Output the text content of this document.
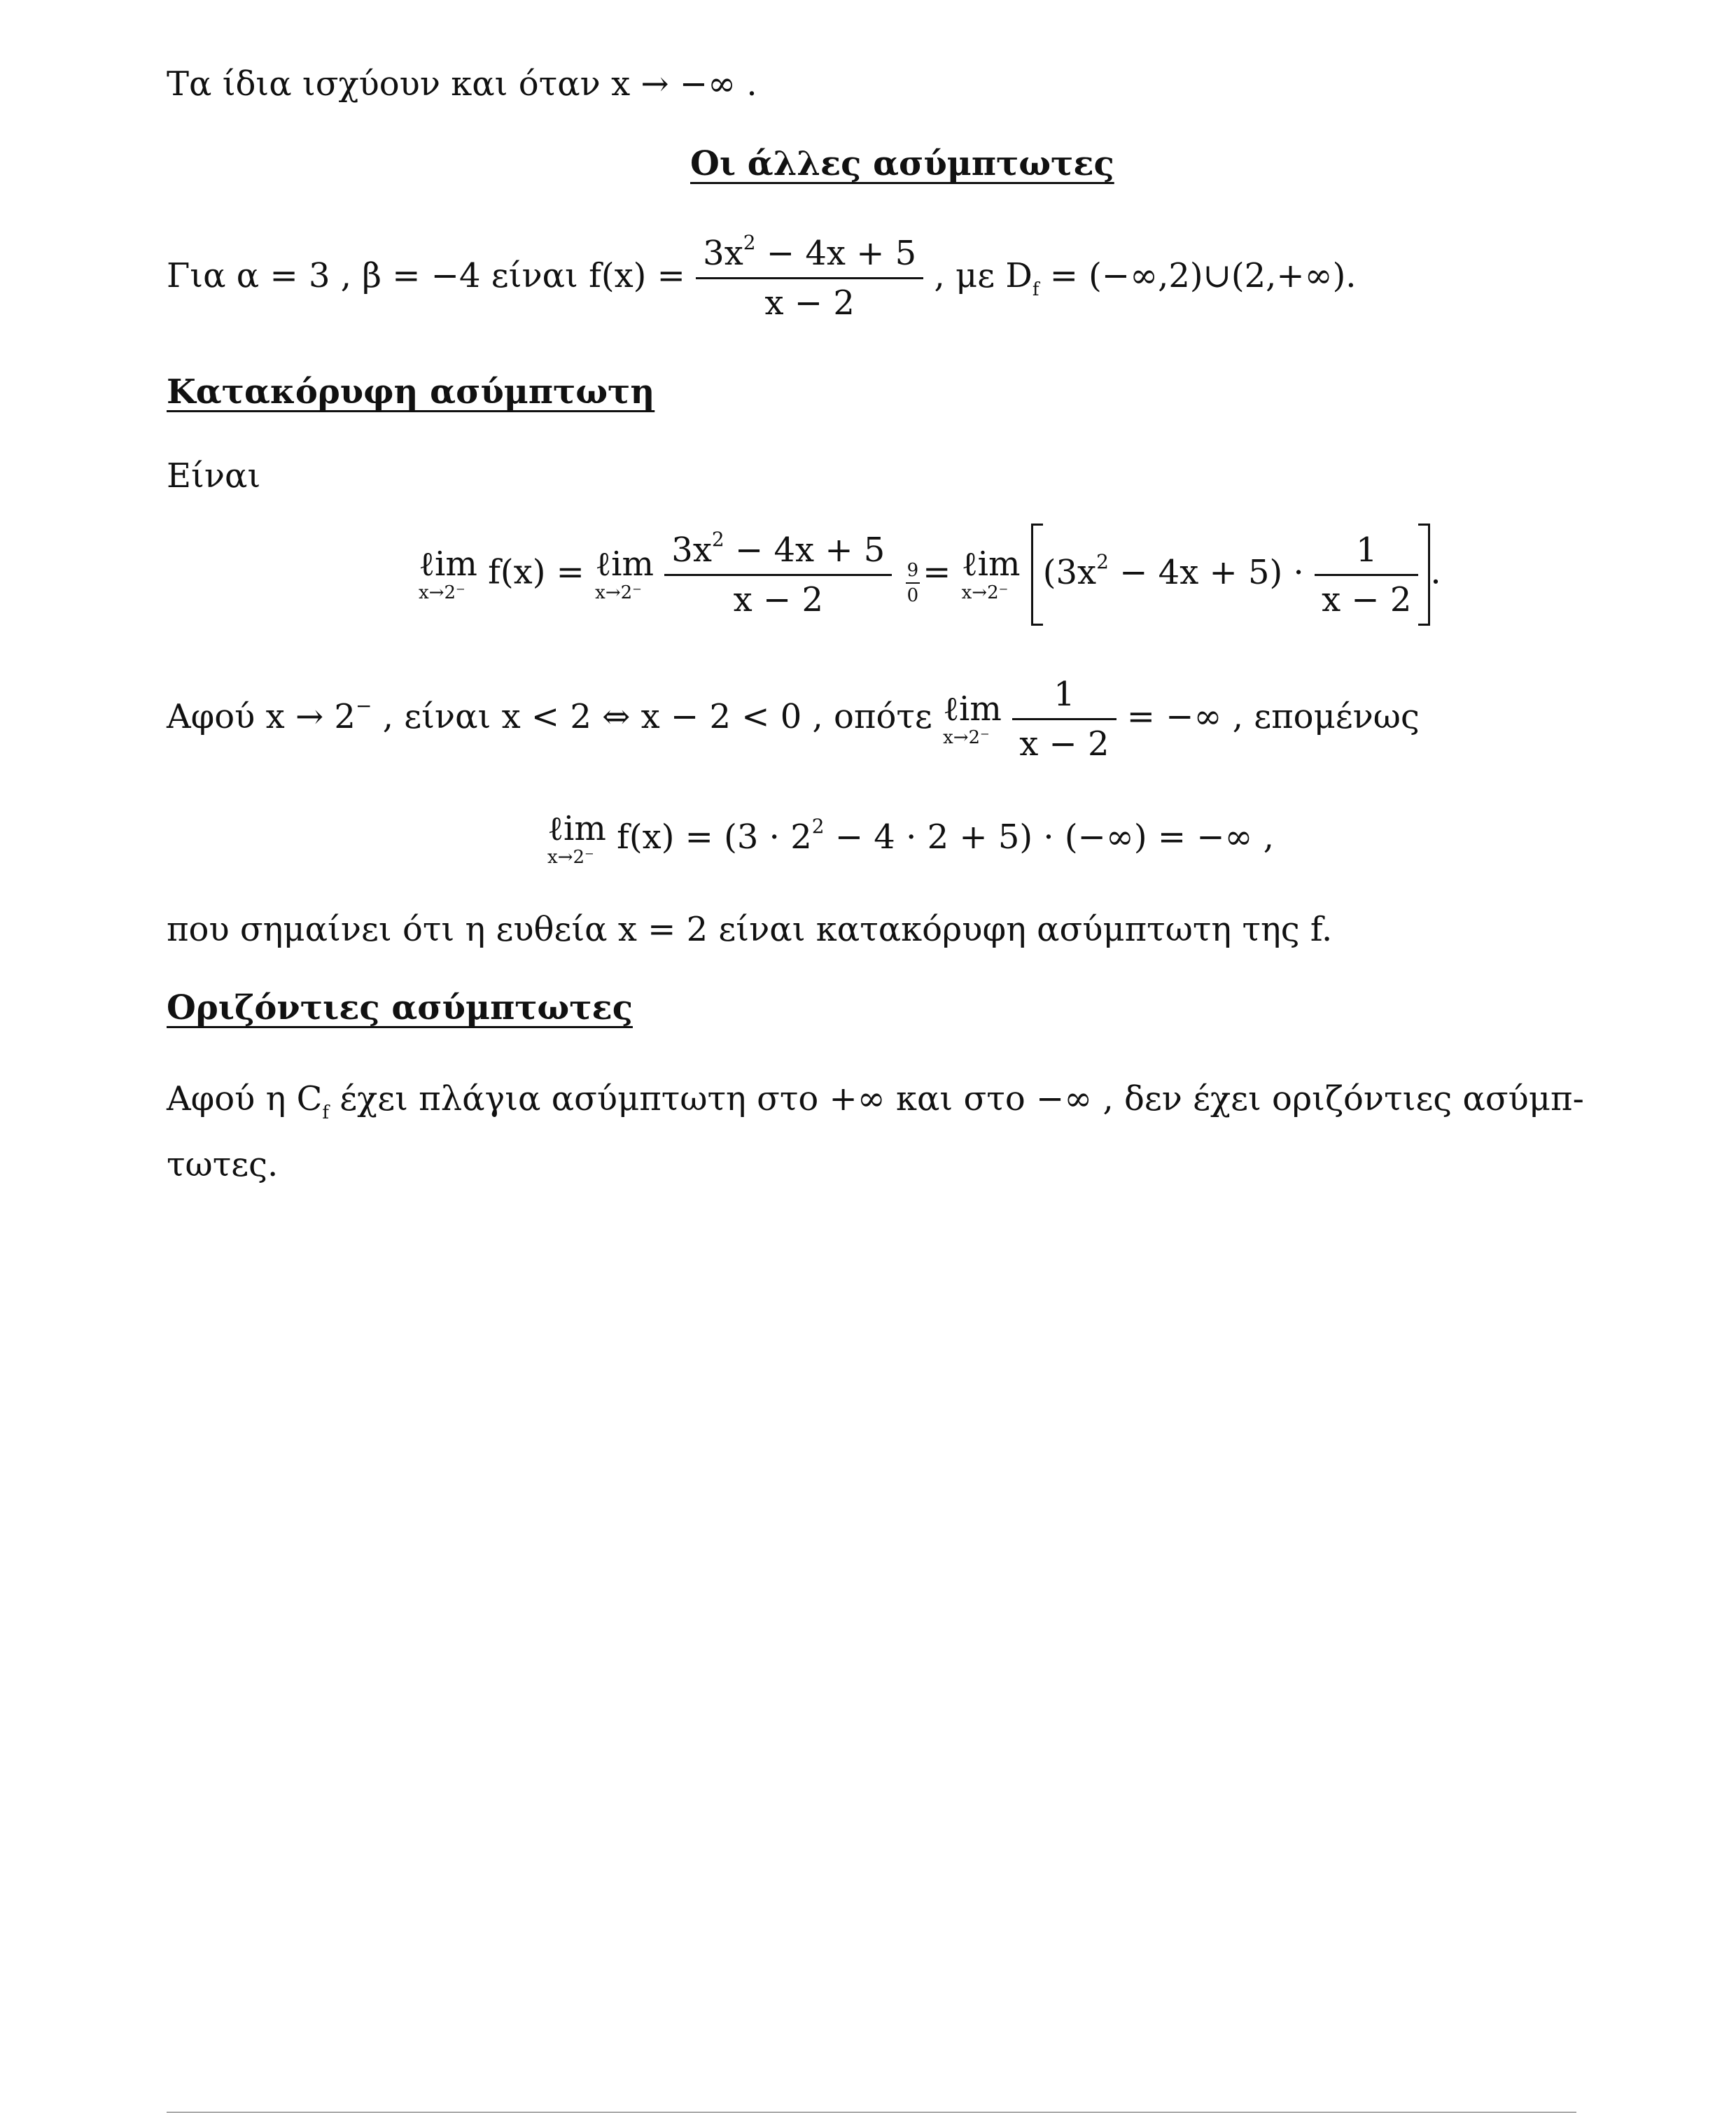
Τα ίδια ισχύουν και όταν x → −∞ .
Οι άλλες ασύμπτωτες
Για α = 3 , β = −4 είναι $f(x) = \frac{3x^2 - 4x + 5}{x - 2}$ , με $D_f$ = (−∞,2)∪(2,+∞).
Κατακόρυφη ασύμπτωτη
Είναι
ℓim
x→2⁻
f(x) = ℓim
x→2⁻
$\frac{3x^2 - 4x + 5}{x - 2}$
$\frac{9}{0}$ = ℓim
x→2⁻
$(3x^2 - 4x + 5) \cdot \frac{1}{x - 2}$ .
Αφού x → 2− , είναι x < 2 ⇔ x − 2 < 0 , οπότε ℓim
x→2⁻
$\frac{1}{x - 2}$ = −∞ , επομένως
ℓim
x→2⁻
$f(x) = (3 \cdot 2^2 - 4 \cdot 2 + 5)$ · (−∞) = −∞ ,
που σημαίνει ότι η ευθεία x = 2 είναι κατακόρυφη ασύμπτωτη της f.
Οριζόντιες ασύμπτωτες
Αφού η $C_f$ έχει πλάγια ασύμπτωτη στο +∞ και στο −∞ , δεν έχει οριζόντιες ασύμπ-
τωτες.
